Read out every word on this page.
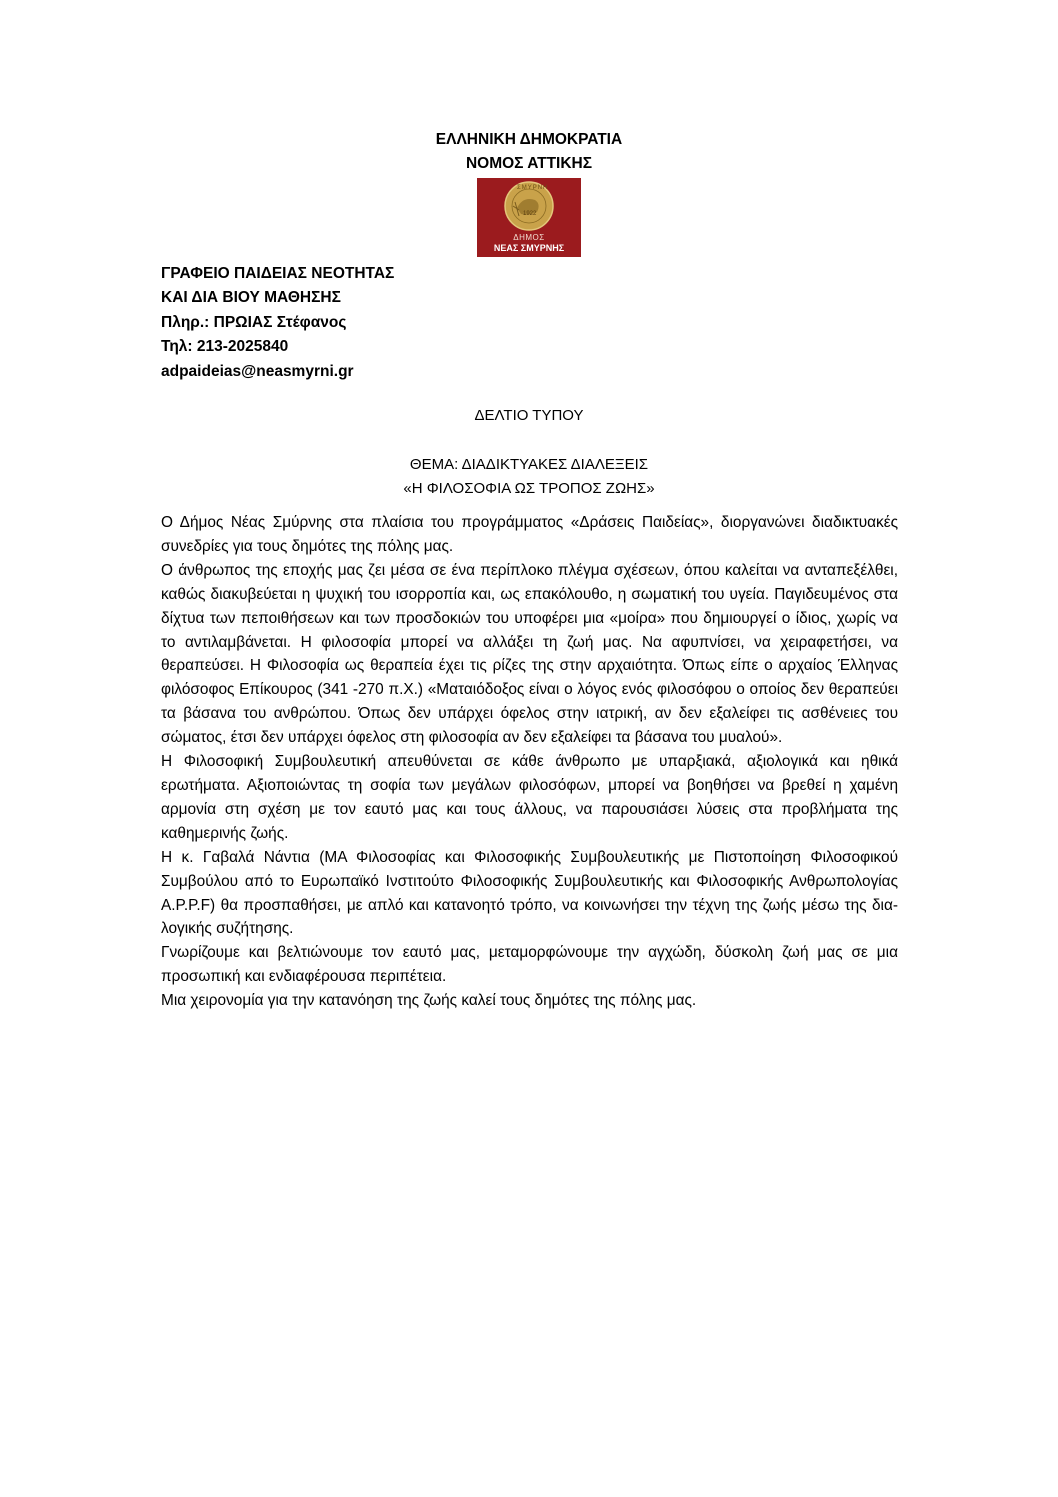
ΕΛΛΗΝΙΚΗ ΔΗΜΟΚΡΑΤΙΑ
ΝΟΜΟΣ ΑΤΤΙΚΗΣ
ΣΜΥΡΝΗ
1922
ΔΗΜΟΣ
ΝΕΑΣ ΣΜΥΡΝΗΣ
ΓΡΑΦΕΙΟ ΠΑΙΔΕΙΑΣ ΝΕΟΤΗΤΑΣ
ΚΑΙ ΔΙΑ ΒΙΟΥ ΜΑΘΗΣΗΣ
Πληρ.: ΠΡΩΙΑΣ Στέφανος
Τηλ: 213-2025840
adpaideias@neasmyrni.gr
ΔΕΛΤΙΟ ΤΥΠΟΥ
ΘΕΜΑ: ΔΙΑΔΙΚΤΥΑΚΕΣ ΔΙΑΛΕΞΕΙΣ
«Η ΦΙΛΟΣΟΦΙΑ ΩΣ ΤΡΟΠΟΣ ΖΩΗΣ»

Ο Δήμος Νέας Σμύρνης στα πλαίσια του προγράμματος «Δράσεις Παιδείας», διοργανώνει διαδικτυακές συνεδρίες για τους δημότες της πόλης μας.

Ο άνθρωπος της εποχής μας ζει μέσα σε ένα περίπλοκο πλέγμα σχέσεων, όπου καλείται να ανταπεξέλθει, καθώς διακυβεύεται η ψυχική του ισορροπία και, ως επακόλουθο, η σωματική του υγεία. Παγιδευμένος στα δίχτυα των πεποιθήσεων και των προσδοκιών του υποφέρει μια «μοίρα» που δημιουργεί ο ίδιος, χωρίς να το αντιλαμβάνεται. Η φιλοσοφία μπορεί να αλλάξει τη ζωή μας. Να αφυπνίσει, να χειραφετήσει, να θεραπεύσει. Η Φιλοσοφία ως θεραπεία έχει τις ρίζες της στην αρχαιότητα. Όπως είπε ο αρχαίος Έλληνας φιλόσοφος Επίκουρος (341 -270 π.Χ.) «Ματαιόδοξος είναι ο λόγος ενός φιλοσόφου ο οποίος δεν θεραπεύει τα βάσανα του ανθρώπου. Όπως δεν υπάρχει όφελος στην ιατρική, αν δεν εξαλείφει τις ασθένειες του σώματος, έτσι δεν υπάρχει όφελος στη φιλοσοφία αν δεν εξαλείφει τα βάσανα του μυαλού».

Η Φιλοσοφική Συμβουλευτική απευθύνεται σε κάθε άνθρωπο με υπαρξιακά, αξιολογικά και ηθικά ερωτήματα. Αξιοποιώντας τη σοφία των μεγάλων φιλοσόφων, μπορεί να βοηθήσει να βρεθεί η χαμένη αρμονία στη σχέση με τον εαυτό μας και τους άλλους, να παρουσιάσει λύσεις στα προβλήματα της καθημερινής ζωής.

Η κ. Γαβαλά Νάντια (ΜΑ Φιλοσοφίας και Φιλοσοφικής Συμβουλευτικής με Πιστοποίηση Φιλοσοφικού Συμβούλου από το Ευρωπαϊκό Ινστιτούτο Φιλοσοφικής Συμβουλευτικής και Φιλοσοφικής Ανθρωπολογίας A.P.P.F) θα προσπαθήσει, με απλό και κατανοητό τρόπο, να κοινωνήσει την τέχνη της ζωής μέσω της δια-λογικής συζήτησης.

Γνωρίζουμε και βελτιώνουμε τον εαυτό μας, μεταμορφώνουμε την αγχώδη, δύσκολη ζωή μας σε μια προσωπική και ενδιαφέρουσα περιπέτεια.

Μια χειρονομία για την κατανόηση της ζωής καλεί τους δημότες της πόλης μας.
